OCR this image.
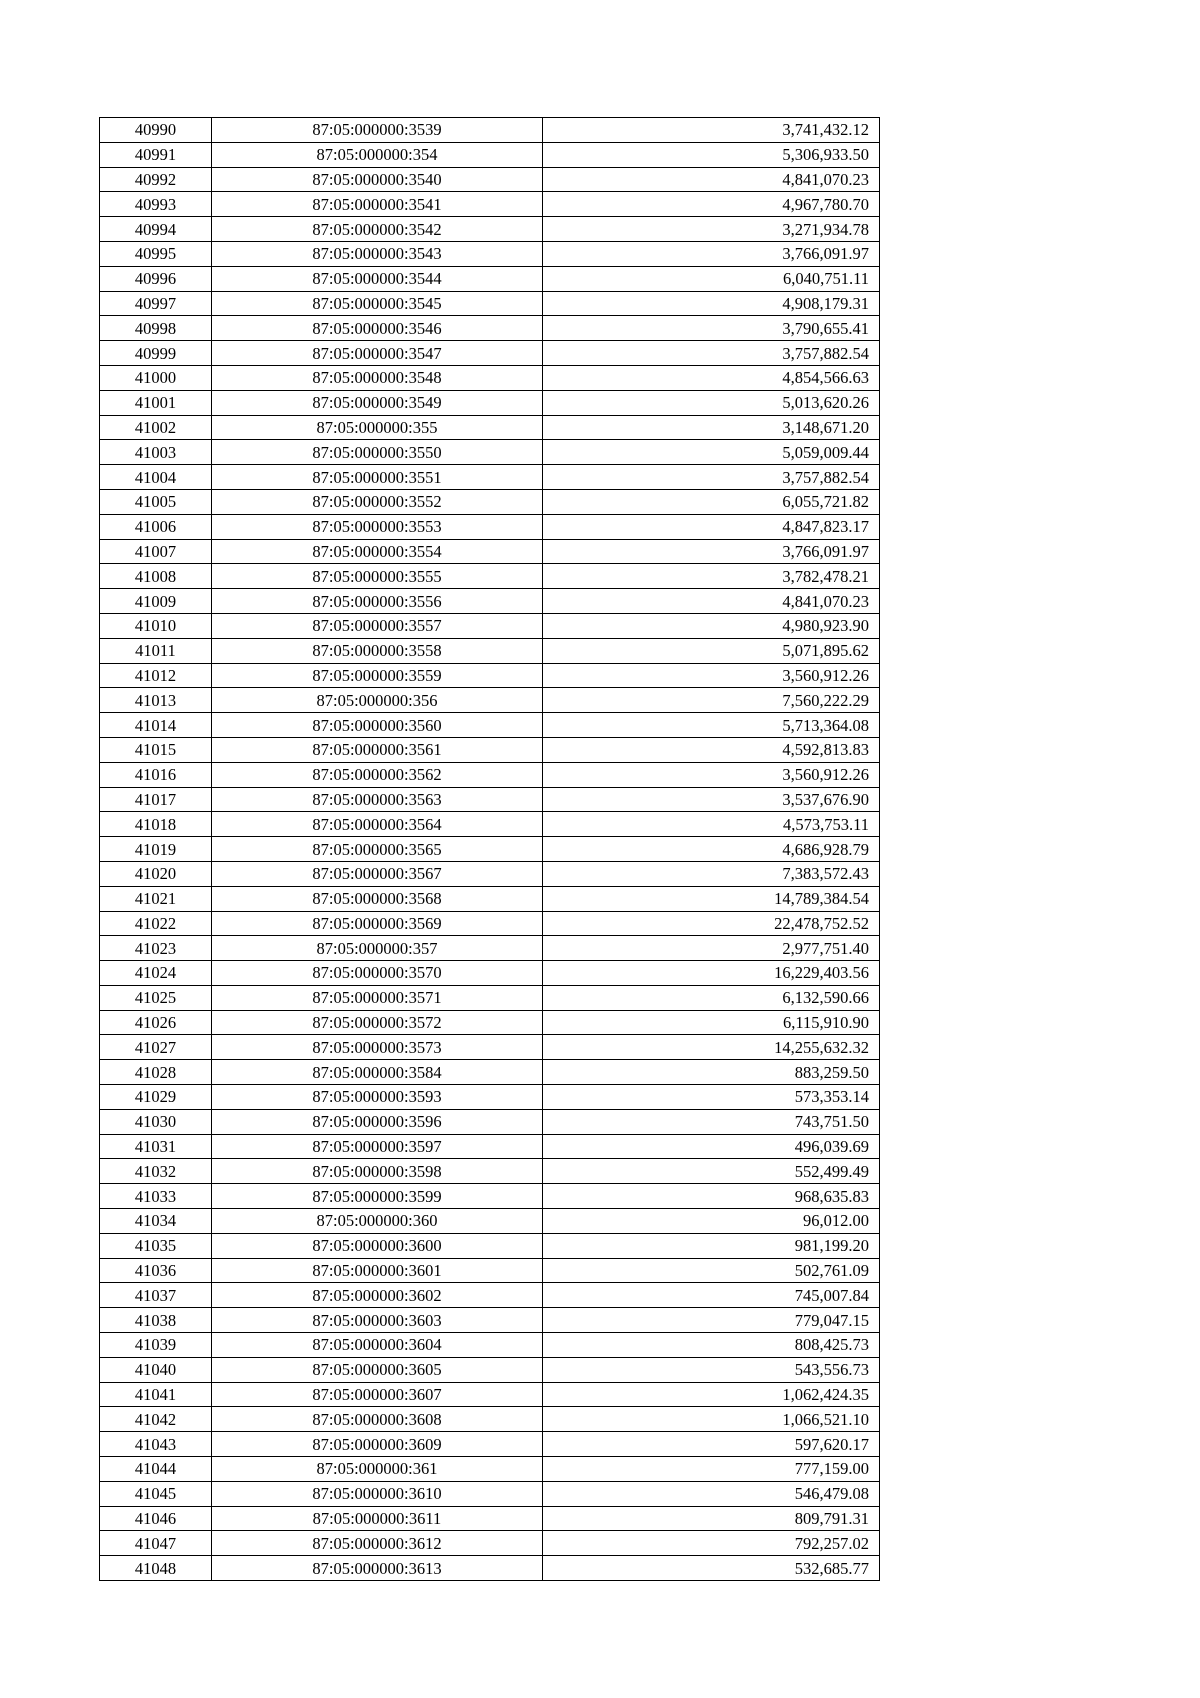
40990	87:05:000000:3539	3,741,432.12
40991	87:05:000000:354	5,306,933.50
40992	87:05:000000:3540	4,841,070.23
40993	87:05:000000:3541	4,967,780.70
40994	87:05:000000:3542	3,271,934.78
40995	87:05:000000:3543	3,766,091.97
40996	87:05:000000:3544	6,040,751.11
40997	87:05:000000:3545	4,908,179.31
40998	87:05:000000:3546	3,790,655.41
40999	87:05:000000:3547	3,757,882.54
41000	87:05:000000:3548	4,854,566.63
41001	87:05:000000:3549	5,013,620.26
41002	87:05:000000:355	3,148,671.20
41003	87:05:000000:3550	5,059,009.44
41004	87:05:000000:3551	3,757,882.54
41005	87:05:000000:3552	6,055,721.82
41006	87:05:000000:3553	4,847,823.17
41007	87:05:000000:3554	3,766,091.97
41008	87:05:000000:3555	3,782,478.21
41009	87:05:000000:3556	4,841,070.23
41010	87:05:000000:3557	4,980,923.90
41011	87:05:000000:3558	5,071,895.62
41012	87:05:000000:3559	3,560,912.26
41013	87:05:000000:356	7,560,222.29
41014	87:05:000000:3560	5,713,364.08
41015	87:05:000000:3561	4,592,813.83
41016	87:05:000000:3562	3,560,912.26
41017	87:05:000000:3563	3,537,676.90
41018	87:05:000000:3564	4,573,753.11
41019	87:05:000000:3565	4,686,928.79
41020	87:05:000000:3567	7,383,572.43
41021	87:05:000000:3568	14,789,384.54
41022	87:05:000000:3569	22,478,752.52
41023	87:05:000000:357	2,977,751.40
41024	87:05:000000:3570	16,229,403.56
41025	87:05:000000:3571	6,132,590.66
41026	87:05:000000:3572	6,115,910.90
41027	87:05:000000:3573	14,255,632.32
41028	87:05:000000:3584	883,259.50
41029	87:05:000000:3593	573,353.14
41030	87:05:000000:3596	743,751.50
41031	87:05:000000:3597	496,039.69
41032	87:05:000000:3598	552,499.49
41033	87:05:000000:3599	968,635.83
41034	87:05:000000:360	96,012.00
41035	87:05:000000:3600	981,199.20
41036	87:05:000000:3601	502,761.09
41037	87:05:000000:3602	745,007.84
41038	87:05:000000:3603	779,047.15
41039	87:05:000000:3604	808,425.73
41040	87:05:000000:3605	543,556.73
41041	87:05:000000:3607	1,062,424.35
41042	87:05:000000:3608	1,066,521.10
41043	87:05:000000:3609	597,620.17
41044	87:05:000000:361	777,159.00
41045	87:05:000000:3610	546,479.08
41046	87:05:000000:3611	809,791.31
41047	87:05:000000:3612	792,257.02
41048	87:05:000000:3613	532,685.77
